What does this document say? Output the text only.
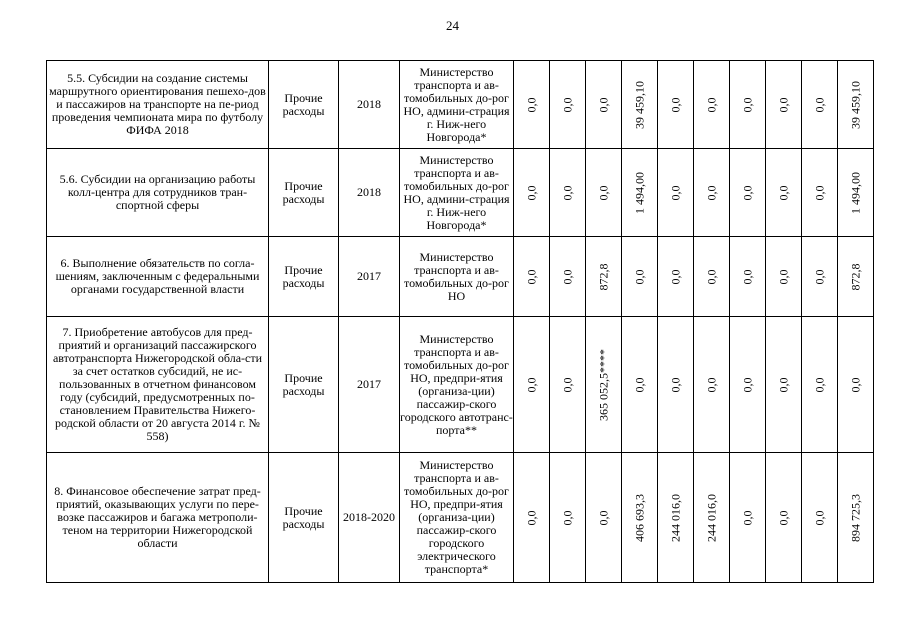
24
5.5. Субсидии на создание системы маршрутного ориентирования пешехо-дов и пассажиров на транспорте на пе-риод проведения чемпионата мира по футболу ФИФА 2018	Прочие расходы	2018	Министерство транспорта и ав-томобильных до-рог НО, админи-страция г. Ниж-него Новгорода*	0,0	0,0	0,0	39 459,10	0,0	0,0	0,0	0,0	0,0	39 459,10

5.6. Субсидии на организацию работы колл-центра для сотрудников тран-спортной сферы	Прочие расходы	2018	Министерство транспорта и ав-томобильных до-рог НО, админи-страция г. Ниж-него Новгорода*	0,0	0,0	0,0	1 494,00	0,0	0,0	0,0	0,0	0,0	1 494,00

6. Выполнение обязательств по согла-шениям, заключенным с федеральными органами государственной власти	Прочие расходы	2017	Министерство транспорта и ав-томобильных до-рог НО	0,0	0,0	872,8	0,0	0,0	0,0	0,0	0,0	0,0	872,8

7. Приобретение автобусов для пред-приятий и организаций пассажирского автотранспорта Нижегородской обла-сти за счет остатков субсидий, не ис-пользованных в отчетном финансовом году (субсидий, предусмотренных по-становлением Правительства Нижего-родской области от 20 августа 2014 г. № 558)	Прочие расходы	2017	Министерство транспорта и ав-томобильных до-рог НО, предпри-ятия (организа-ции) пассажир-ского городского автотранс-порта**	0,0	0,0	365 052,5****	0,0	0,0	0,0	0,0	0,0	0,0	0,0

8. Финансовое обеспечение затрат пред-приятий, оказывающих услуги по пере-возке пассажиров и багажа метрополи-теном на территории Нижегородской области	Прочие расходы	2018-2020	Министерство транспорта и ав-томобильных до-рог НО, предпри-ятия (организа-ции) пассажир-ского городского электрического транспорта*	0,0	0,0	0,0	406 693,3	244 016,0	244 016,0	0,0	0,0	0,0	894 725,3
